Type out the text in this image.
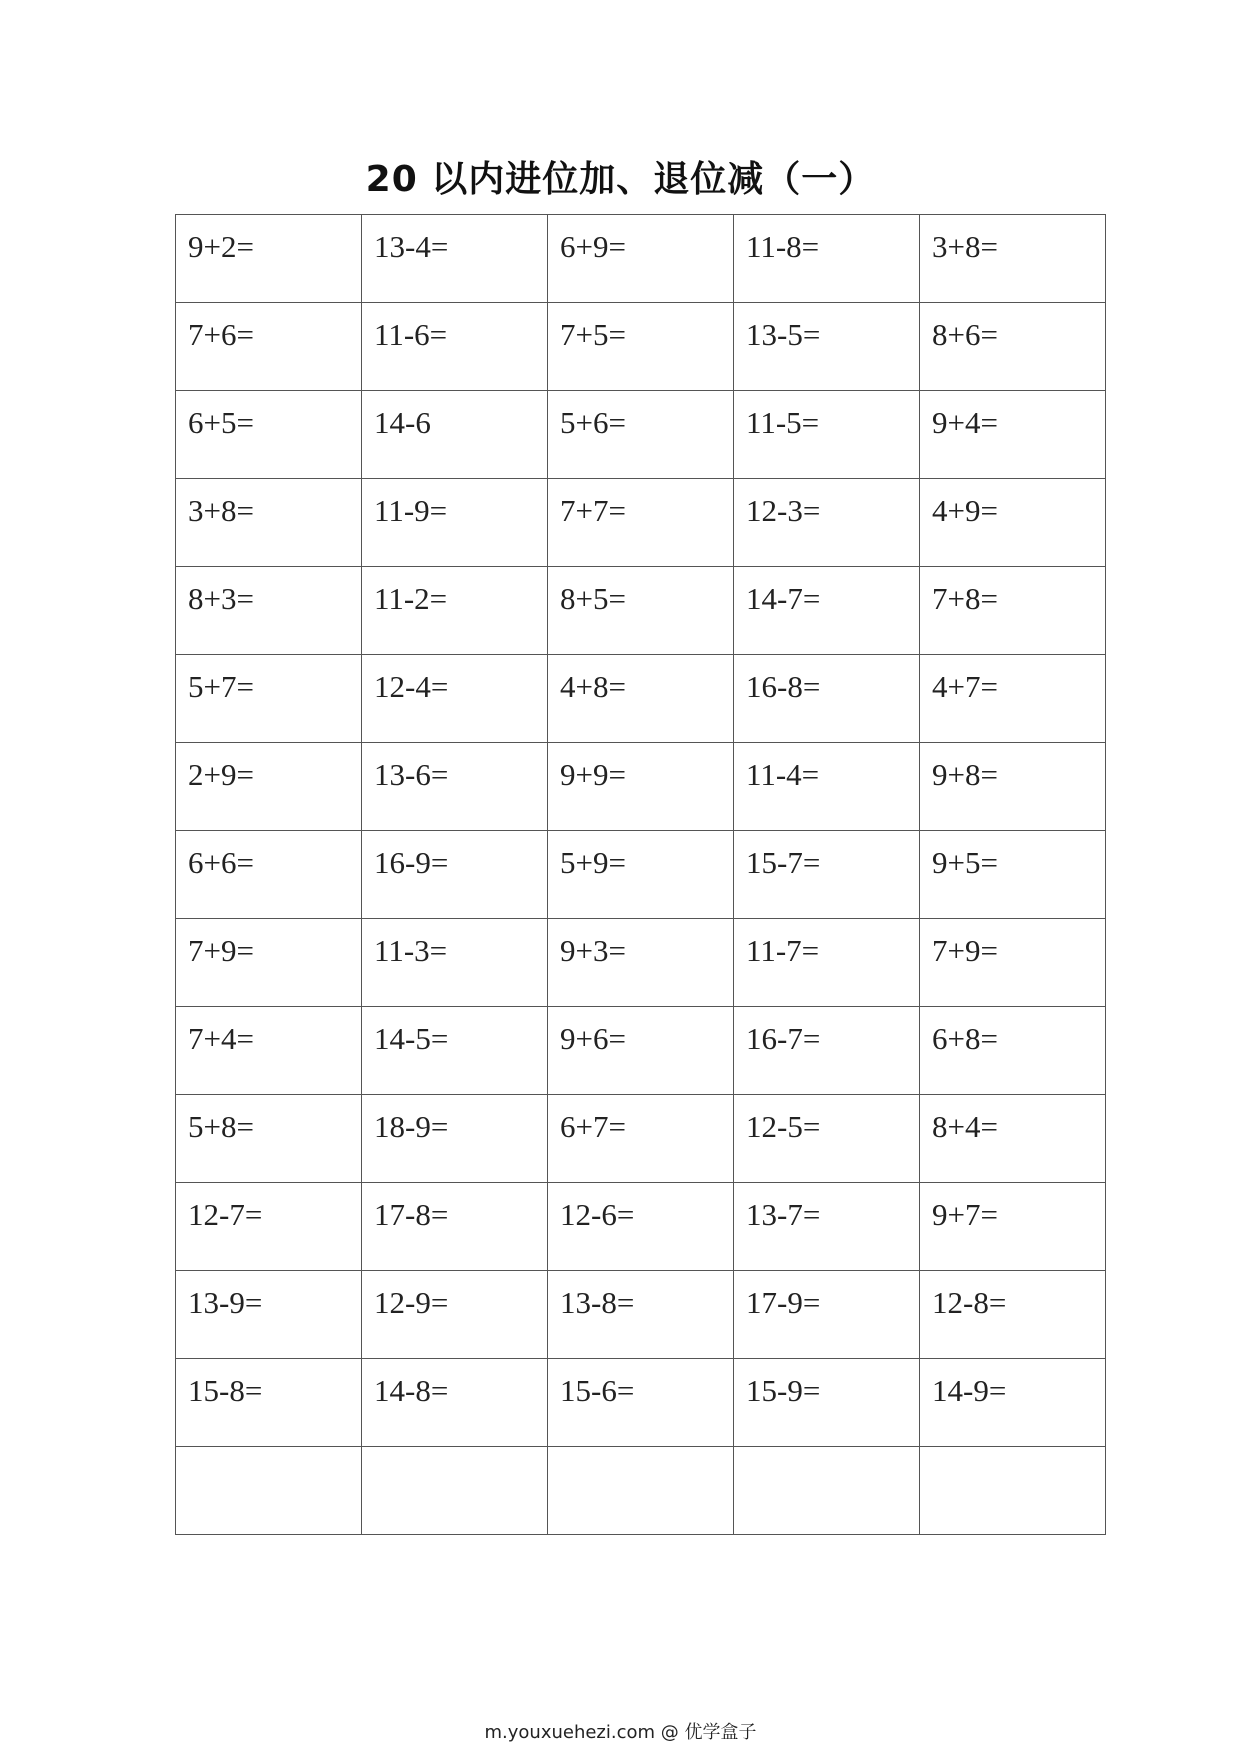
20 以内进位加、退位减（一）
9+2=	13-4=	6+9=	11-8=	3+8=

7+6=	11-6=	7+5=	13-5=	8+6=

6+5=	14-6	5+6=	11-5=	9+4=

3+8=	11-9=	7+7=	12-3=	4+9=

8+3=	11-2=	8+5=	14-7=	7+8=

5+7=	12-4=	4+8=	16-8=	4+7=

2+9=	13-6=	9+9=	11-4=	9+8=

6+6=	16-9=	5+9=	15-7=	9+5=

7+9=	11-3=	9+3=	11-7=	7+9=

7+4=	14-5=	9+6=	16-7=	6+8=

5+8=	18-9=	6+7=	12-5=	8+4=

12-7=	17-8=	12-6=	13-7=	9+7=

13-9=	12-9=	13-8=	17-9=	12-8=

15-8=	14-8=	15-6=	15-9=	14-9=

m.youxuehezi.com @ 优学盒子
